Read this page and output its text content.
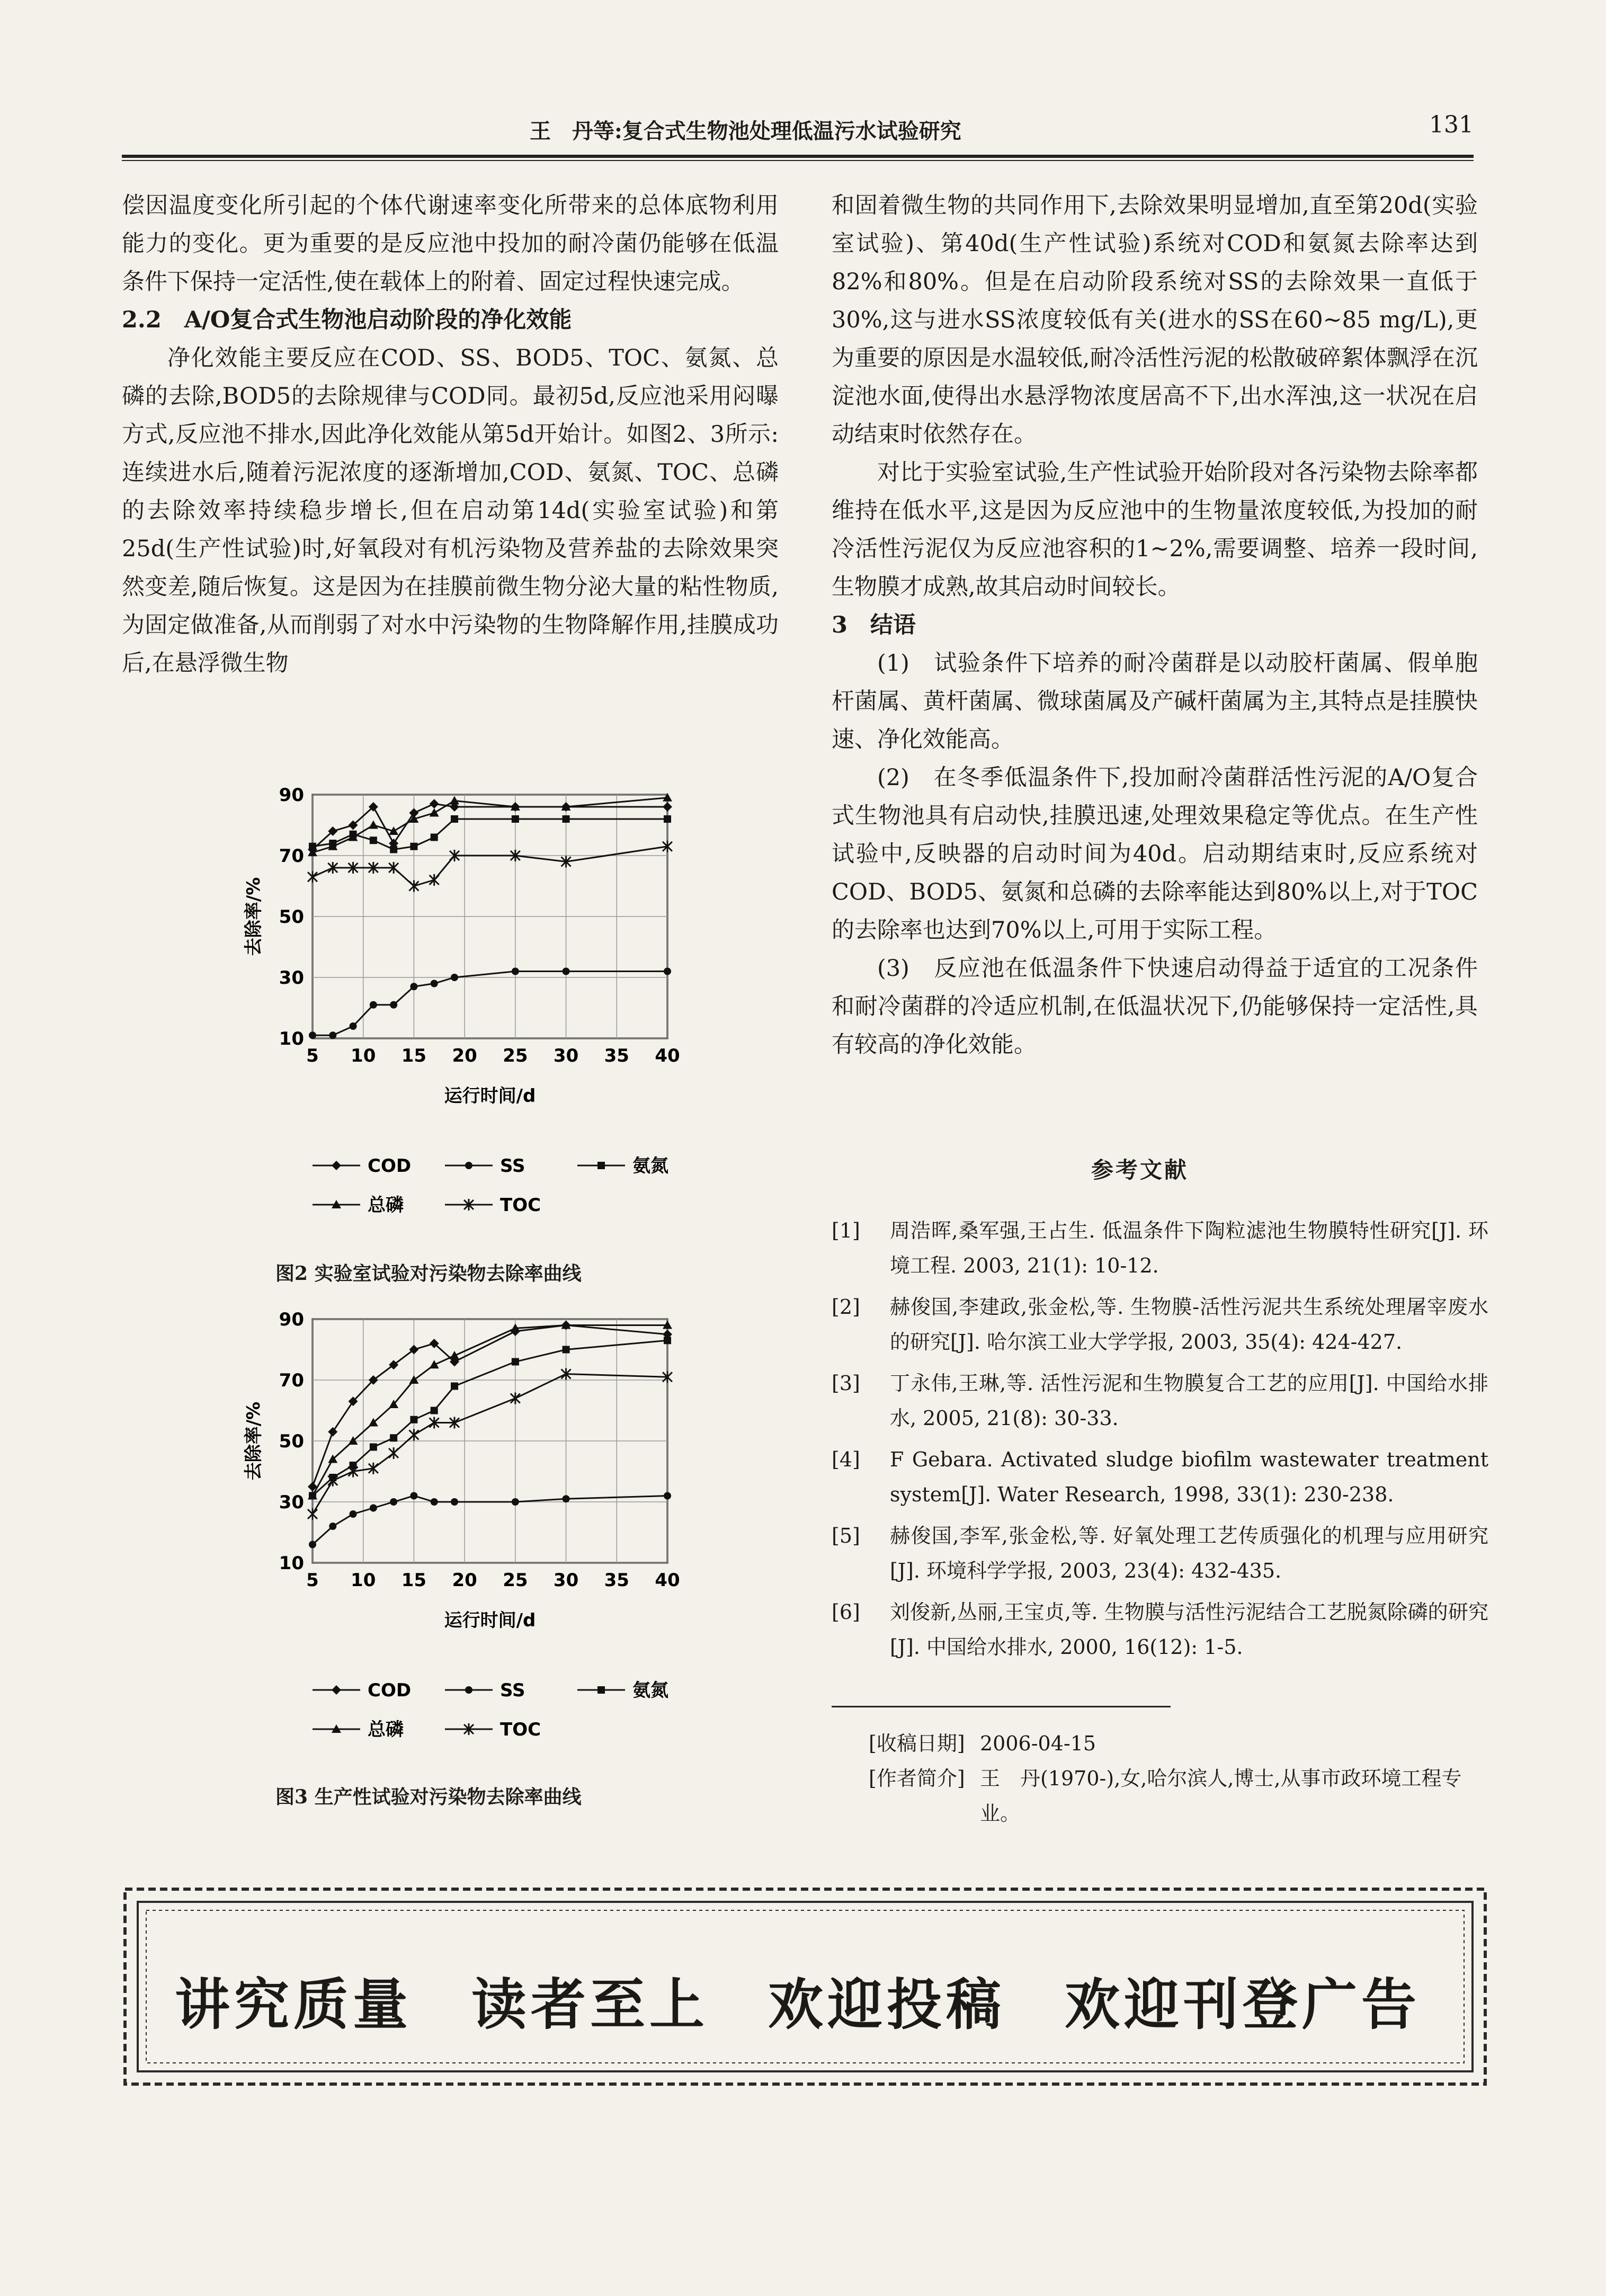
王　丹等:复合式生物池处理低温污水试验研究	131

偿因温度变化所引起的个体代谢速率变化所带来的总体底物利用能力的变化。更为重要的是反应池中投加的耐冷菌仍能够在低温条件下保持一定活性,使在载体上的附着、固定过程快速完成。

2.2　A/O复合式生物池启动阶段的净化效能

净化效能主要反应在COD、SS、BOD5、TOC、氨氮、总磷的去除,BOD5的去除规律与COD同。最初5d,反应池采用闷曝方式,反应池不排水,因此净化效能从第5d开始计。如图2、3所示:连续进水后,随着污泥浓度的逐渐增加,COD、氨氮、TOC、总磷的去除效率持续稳步增长,但在启动第14d(实验室试验)和第25d(生产性试验)时,好氧段对有机污染物及营养盐的去除效果突然变差,随后恢复。这是因为在挂膜前微生物分泌大量的粘性物质,为固定做准备,从而削弱了对水中污染物的生物降解作用,挂膜成功后,在悬浮微生物

10
30
50
70
90
5 10 15 20 25 30 35 40
运行时间/d
去除率/%
COD	SS	氨氮
总磷	TOC
图2 实验室试验对污染物去除率曲线
10
30
50
70
90
5 10 15 20 25 30 35 40
运行时间/d
去除率/%
COD	SS	氨氮
总磷	TOC
图3 生产性试验对污染物去除率曲线

和固着微生物的共同作用下,去除效果明显增加,直至第20d(实验室试验)、第40d(生产性试验)系统对COD和氨氮去除率达到82%和80%。但是在启动阶段系统对SS的去除效果一直低于30%,这与进水SS浓度较低有关(进水的SS在60~85 mg/L),更为重要的原因是水温较低,耐冷活性污泥的松散破碎絮体飘浮在沉淀池水面,使得出水悬浮物浓度居高不下,出水浑浊,这一状况在启动结束时依然存在。

对比于实验室试验,生产性试验开始阶段对各污染物去除率都维持在低水平,这是因为反应池中的生物量浓度较低,为投加的耐冷活性污泥仅为反应池容积的1~2%,需要调整、培养一段时间,生物膜才成熟,故其启动时间较长。

3　结语

(1)　试验条件下培养的耐冷菌群是以动胶杆菌属、假单胞杆菌属、黄杆菌属、微球菌属及产碱杆菌属为主,其特点是挂膜快速、净化效能高。

(2)　在冬季低温条件下,投加耐冷菌群活性污泥的A/O复合式生物池具有启动快,挂膜迅速,处理效果稳定等优点。在生产性试验中,反映器的启动时间为40d。启动期结束时,反应系统对COD、BOD5、氨氮和总磷的去除率能达到80%以上,对于TOC的去除率也达到70%以上,可用于实际工程。

(3)　反应池在低温条件下快速启动得益于适宜的工况条件和耐冷菌群的冷适应机制,在低温状况下,仍能够保持一定活性,具有较高的净化效能。

参考文献
[1] 周浩晖,桑军强,王占生. 低温条件下陶粒滤池生物膜特性研究[J]. 环境工程. 2003, 21(1): 10-12.
[2] 赫俊国,李建政,张金松,等. 生物膜-活性污泥共生系统处理屠宰废水的研究[J]. 哈尔滨工业大学学报, 2003, 35(4): 424-427.
[3] 丁永伟,王琳,等. 活性污泥和生物膜复合工艺的应用[J]. 中国给水排水, 2005, 21(8): 30-33.
[4] F Gebara. Activated sludge biofilm wastewater treatment system[J]. Water Research, 1998, 33(1): 230-238.
[5] 赫俊国,李军,张金松,等. 好氧处理工艺传质强化的机理与应用研究[J]. 环境科学学报, 2003, 23(4): 432-435.
[6] 刘俊新,丛丽,王宝贞,等. 生物膜与活性污泥结合工艺脱氮除磷的研究[J]. 中国给水排水, 2000, 16(12): 1-5.
[收稿日期] 2006-04-15
[作者简介] 王　丹(1970-),女,哈尔滨人,博士,从事市政环境工程专业。
讲究质量　读者至上　欢迎投稿　欢迎刊登广告
